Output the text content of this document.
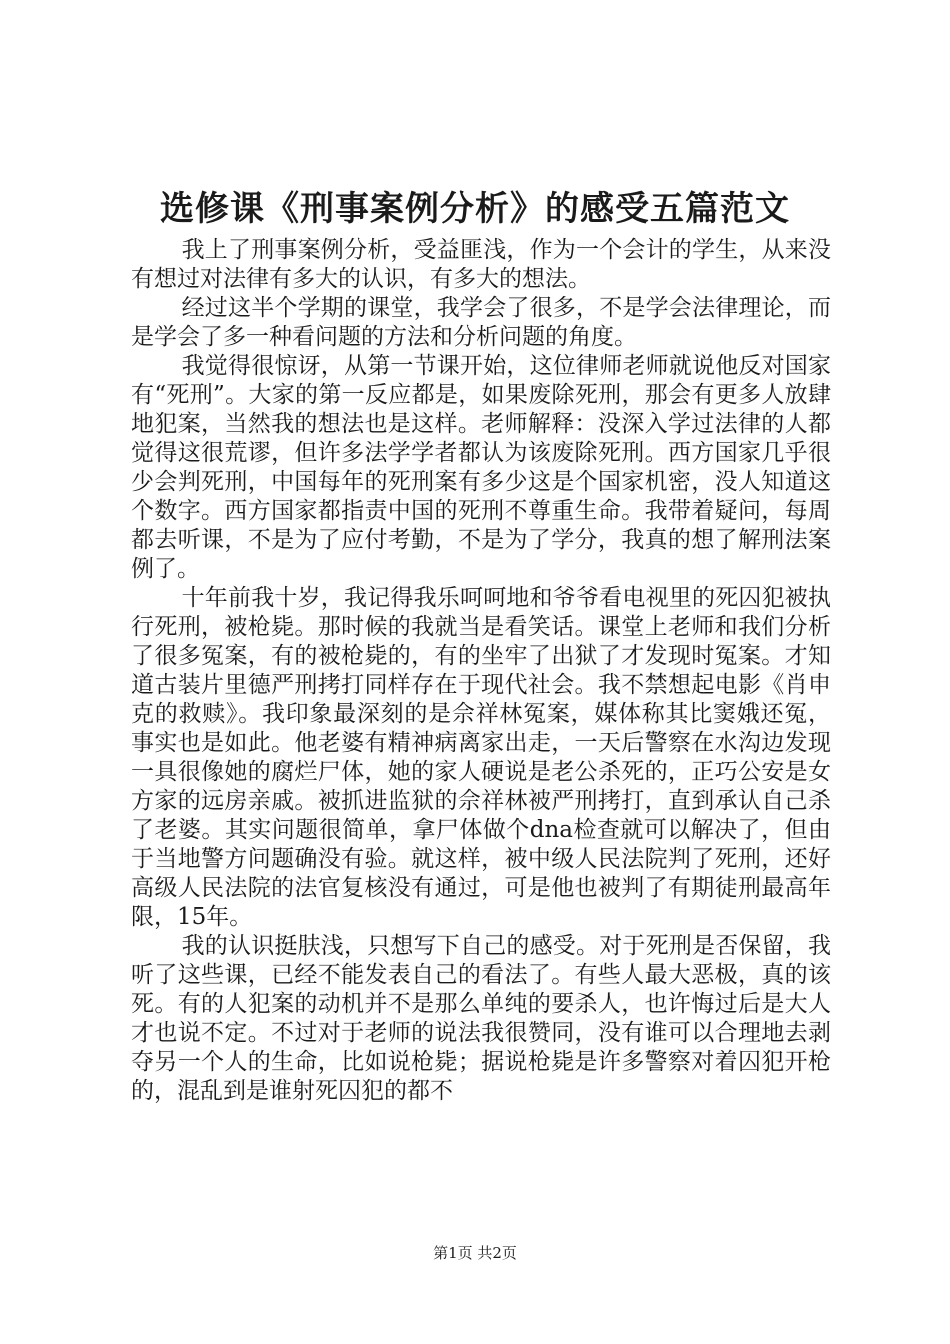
选修课《刑事案例分析》的感受五篇范文

我上了刑事案例分析，受益匪浅，作为一个会计的学生，从来没有想过对法律有多大的认识，有多大的想法。

经过这半个学期的课堂，我学会了很多，不是学会法律理论，而是学会了多一种看问题的方法和分析问题的角度。

我觉得很惊讶，从第一节课开始，这位律师老师就说他反对国家有“死刑”。大家的第一反应都是，如果废除死刑，那会有更多人放肆地犯案，当然我的想法也是这样。老师解释：没深入学过法律的人都觉得这很荒谬，但许多法学学者都认为该废除死刑。西方国家几乎很少会判死刑，中国每年的死刑案有多少这是个国家机密，没人知道这个数字。西方国家都指责中国的死刑不尊重生命。我带着疑问，每周都去听课，不是为了应付考勤，不是为了学分，我真的想了解刑法案例了。

十年前我十岁，我记得我乐呵呵地和爷爷看电视里的死囚犯被执行死刑，被枪毙。那时候的我就当是看笑话。课堂上老师和我们分析了很多冤案，有的被枪毙的，有的坐牢了出狱了才发现时冤案。才知道古装片里德严刑拷打同样存在于现代社会。我不禁想起电影《肖申克的救赎》。我印象最深刻的是佘祥林冤案，媒体称其比窦娥还冤，事实也是如此。他老婆有精神病离家出走，一天后警察在水沟边发现一具很像她的腐烂尸体，她的家人硬说是老公杀死的，正巧公安是女方家的远房亲戚。被抓进监狱的佘祥林被严刑拷打，直到承认自己杀了老婆。其实问题很简单，拿尸体做个dna检查就可以解决了，但由于当地警方问题确没有验。就这样，被中级人民法院判了死刑，还好高级人民法院的法官复核没有通过，可是他也被判了有期徒刑最高年限，15年。

我的认识挺肤浅，只想写下自己的感受。对于死刑是否保留，我听了这些课，已经不能发表自己的看法了。有些人最大恶极，真的该死。有的人犯案的动机并不是那么单纯的要杀人，也许悔过后是大人才也说不定。不过对于老师的说法我很赞同，没有谁可以合理地去剥夺另一个人的生命，比如说枪毙；据说枪毙是许多警察对着囚犯开枪的，混乱到是谁射死囚犯的都不

第1页 共2页
